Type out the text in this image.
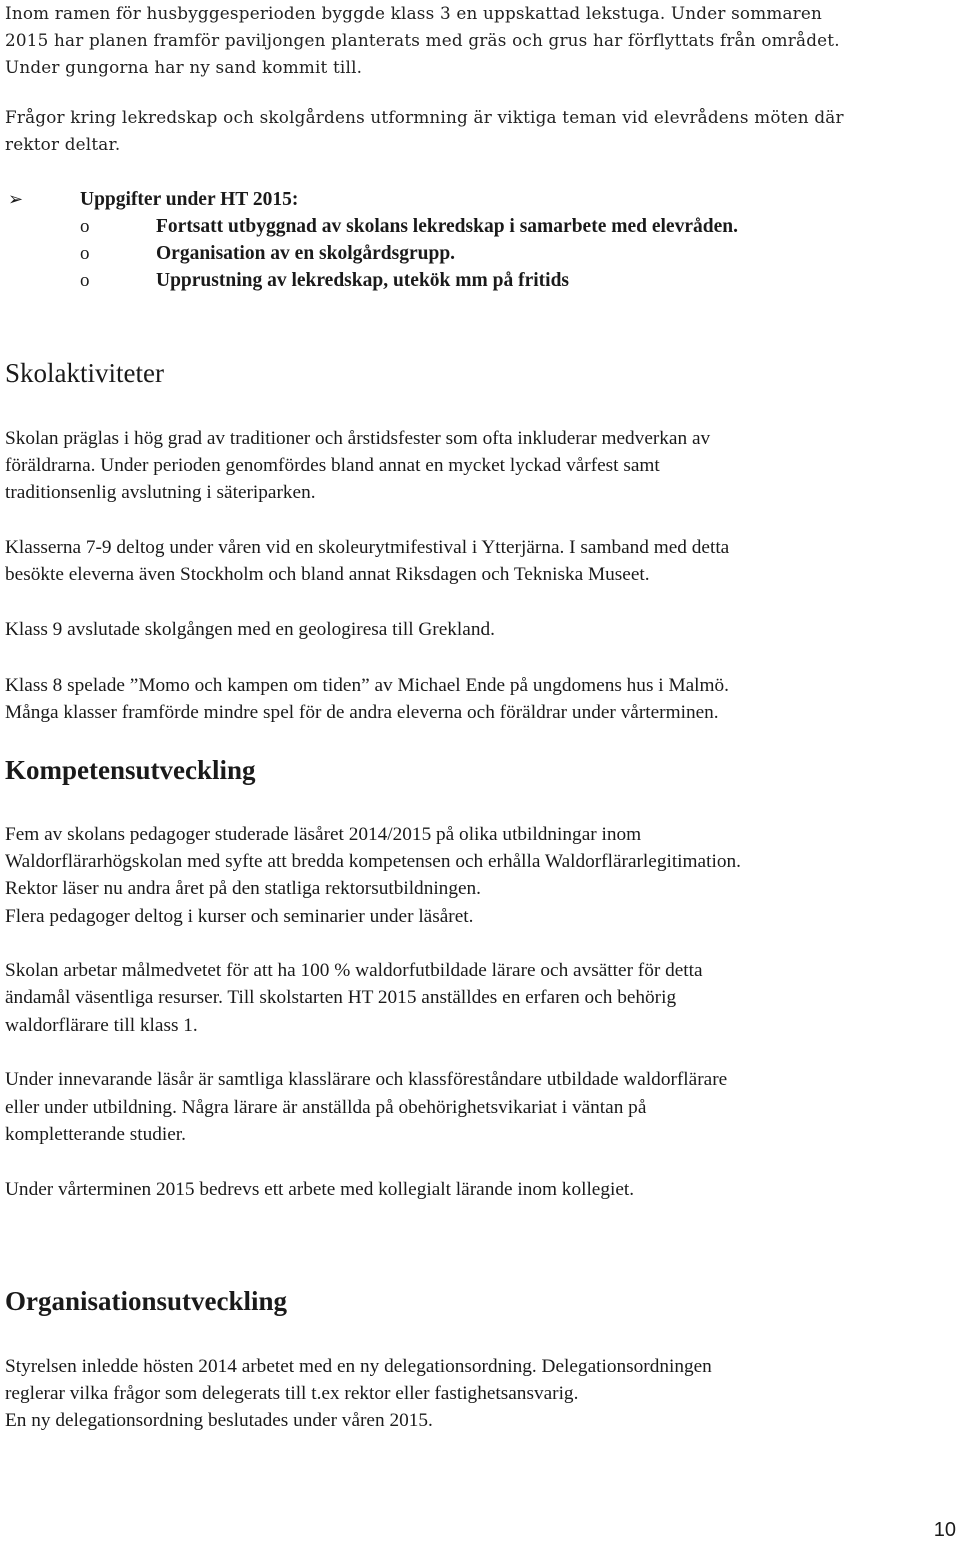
Inom ramen för husbyggesperioden byggde klass 3 en uppskattad lekstuga. Under sommaren
2015 har planen framför paviljongen planterats med gräs och grus har förflyttats från området.
Under gungorna har ny sand kommit till.
Frågor kring lekredskap och skolgårdens utformning är viktiga teman vid elevrådens möten där
rektor deltar.
➢	Uppgifter under HT 2015:
o	Fortsatt utbyggnad av skolans lekredskap i samarbete med elevråden.
o	Organisation av en skolgårdsgrupp.
o	Upprustning av lekredskap, utekök mm på fritids
Skolaktiviteter
Skolan präglas i hög grad av traditioner och årstidsfester som ofta inkluderar medverkan av
föräldrarna. Under perioden genomfördes bland annat en mycket lyckad vårfest samt
traditionsenlig avslutning i säteriparken.
Klasserna 7-9 deltog under våren vid en skoleurytmifestival i Ytterjärna. I samband med detta
besökte eleverna även Stockholm och bland annat Riksdagen och Tekniska Museet.
Klass 9 avslutade skolgången med en geologiresa till Grekland.
Klass 8 spelade ”Momo och kampen om tiden” av Michael Ende på ungdomens hus i Malmö.
Många klasser framförde mindre spel för de andra eleverna och föräldrar under vårterminen.
Kompetensutveckling
Fem av skolans pedagoger studerade läsåret 2014/2015 på olika utbildningar inom
Waldorflärarhögskolan med syfte att bredda kompetensen och erhålla Waldorflärarlegitimation.
Rektor läser nu andra året på den statliga rektorsutbildningen.
Flera pedagoger deltog i kurser och seminarier under läsåret.
Skolan arbetar målmedvetet för att ha 100 % waldorfutbildade lärare och avsätter för detta
ändamål väsentliga resurser. Till skolstarten HT 2015 anställdes en erfaren och behörig
waldorflärare till klass 1.
Under innevarande läsår är samtliga klasslärare och klassföreståndare utbildade waldorflärare
eller under utbildning. Några lärare är anställda på obehörighetsvikariat i väntan på
kompletterande studier.
Under vårterminen 2015 bedrevs ett arbete med kollegialt lärande inom kollegiet.
Organisationsutveckling
Styrelsen inledde hösten 2014 arbetet med en ny delegationsordning. Delegationsordningen
reglerar vilka frågor som delegerats till t.ex rektor eller fastighetsansvarig.
En ny delegationsordning beslutades under våren 2015.
10
